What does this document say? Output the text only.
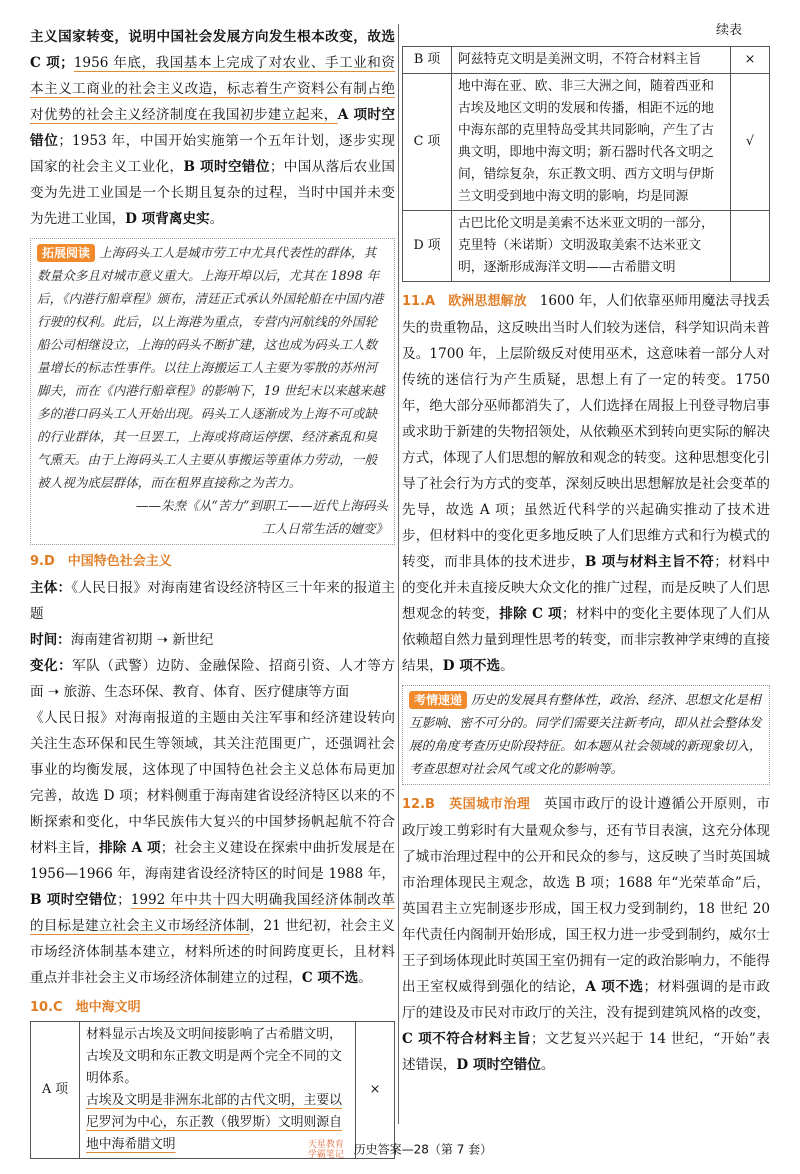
主义国家转变，说明中国社会发展方向发生根本改变，故选 C 项；1956 年底，我国基本上完成了对农业、手工业和资本主义工商业的社会主义改造，标志着生产资料公有制占绝对优势的社会主义经济制度在我国初步建立起来，A 项时空错位；1953 年，中国开始实施第一个五年计划，逐步实现国家的社会主义工业化，B 项时空错位；中国从落后农业国变为先进工业国是一个长期且复杂的过程，当时中国并未变为先进工业国，D 项背离史实。

拓展阅读 上海码头工人是城市劳工中尤具代表性的群体，其数量众多且对城市意义重大。上海开埠以后，尤其在 1898 年后，《内港行船章程》颁布，清廷正式承认外国轮船在中国内港行驶的权利。此后，以上海港为重点，专营内河航线的外国轮船公司相继设立，上海的码头不断扩建，这也成为码头工人数量增长的标志性事件。以往上海搬运工人主要为零散的苏州河脚夫，而在《内港行船章程》的影响下，19 世纪末以来越来越多的港口码头工人开始出现。码头工人逐渐成为上海不可或缺的行业群体，其一旦罢工，上海或将商运停摆、经济紊乱和臭气熏天。由于上海码头工人主要从事搬运等重体力劳动，一般被人视为底层群体，而在租界直接称之为苦力。
——朱焘《从“苦力”到职工——近代上海码头
工人日常生活的嬗变》
9.D　中国特色社会主义

主体：《人民日报》对海南建省设经济特区三十年来的报道主题

时间：海南建省初期 ➝ 新世纪

变化：军队（武警）边防、金融保险、招商引资、人才等方面 ➝ 旅游、生态环保、教育、体育、医疗健康等方面

《人民日报》对海南报道的主题由关注军事和经济建设转向关注生态环保和民生等领域，其关注范围更广，还强调社会事业的均衡发展，这体现了中国特色社会主义总体布局更加完善，故选 D 项；材料侧重于海南建省设经济特区以来的不断探索和变化，中华民族伟大复兴的中国梦扬帆起航不符合材料主旨，排除 A 项；社会主义建设在探索中曲折发展是在 1956—1966 年，海南建省设经济特区的时间是 1988 年，B 项时空错位；1992 年中共十四大明确我国经济体制改革的目标是建立社会主义市场经济体制，21 世纪初，社会主义市场经济体制基本建立，材料所述的时间跨度更长，且材料重点并非社会主义市场经济体制建立的过程，C 项不选。

10.C　地中海文明
A 项	材料显示古埃及文明间接影响了古希腊文明，古埃及文明和东正教文明是两个完全不同的文明体系。
古埃及文明是非洲东北部的古代文明，主要以尼罗河为中心，东正教（俄罗斯）文明则源自地中海希腊文明	×
续表
B 项	阿兹特克文明是美洲文明，不符合材料主旨	×
C 项	地中海在亚、欧、非三大洲之间，随着西亚和古埃及地区文明的发展和传播，相距不远的地中海东部的克里特岛受其共同影响，产生了古典文明，即地中海文明；新石器时代各文明之间，错综复杂，东正教文明、西方文明与伊斯兰文明受到地中海文明的影响，均是同源	√
D 项	古巴比伦文明是美索不达米亚文明的一部分，克里特（米诺斯）文明汲取美索不达米亚文明，逐渐形成海洋文明——古希腊文明	

11.A　欧洲思想解放　1600 年，人们依靠巫师用魔法寻找丢失的贵重物品，这反映出当时人们较为迷信，科学知识尚未普及。1700 年，上层阶级反对使用巫术，这意味着一部分人对传统的迷信行为产生质疑，思想上有了一定的转变。1750 年，绝大部分巫师都消失了，人们选择在周报上刊登寻物启事或求助于新建的失物招领处，从依赖巫术到转向更实际的解决方式，体现了人们思想的解放和观念的转变。这种思想变化引导了社会行为方式的变革，深刻反映出思想解放是社会变革的先导，故选 A 项；虽然近代科学的兴起确实推动了技术进步，但材料中的变化更多地反映了人们思维方式和行为模式的转变，而非具体的技术进步，B 项与材料主旨不符；材料中的变化并未直接反映大众文化的推广过程，而是反映了人们思想观念的转变，排除 C 项；材料中的变化主要体现了人们从依赖超自然力量到理性思考的转变，而非宗教神学束缚的直接结果，D 项不选。

考情速递 历史的发展具有整体性，政治、经济、思想文化是相互影响、密不可分的。同学们需要关注新考向，即从社会整体发展的角度考查历史阶段特征。如本题从社会领域的新现象切入，考查思想对社会风气或文化的影响等。

12.B　英国城市治理　英国市政厅的设计遵循公开原则，市政厅竣工剪彩时有大量观众参与，还有节目表演，这充分体现了城市治理过程中的公开和民众的参与，这反映了当时英国城市治理体现民主观念，故选 B 项；1688 年“光荣革命”后，英国君主立宪制逐步形成，国王权力受到制约，18 世纪 20 年代责任内阁制开始形成，国王权力进一步受到制约，威尔士王子到场体现此时英国王室仍拥有一定的政治影响力，不能得出王室权威得到强化的结论，A 项不选；材料强调的是市政厅的建设及市民对市政厅的关注，没有提到建筑风格的改变，C 项不符合材料主旨；文艺复兴兴起于 14 世纪，“开始”表述错误，D 项时空错位。

天星教育 学霸笔记 历史答案—28（第 7 套）
